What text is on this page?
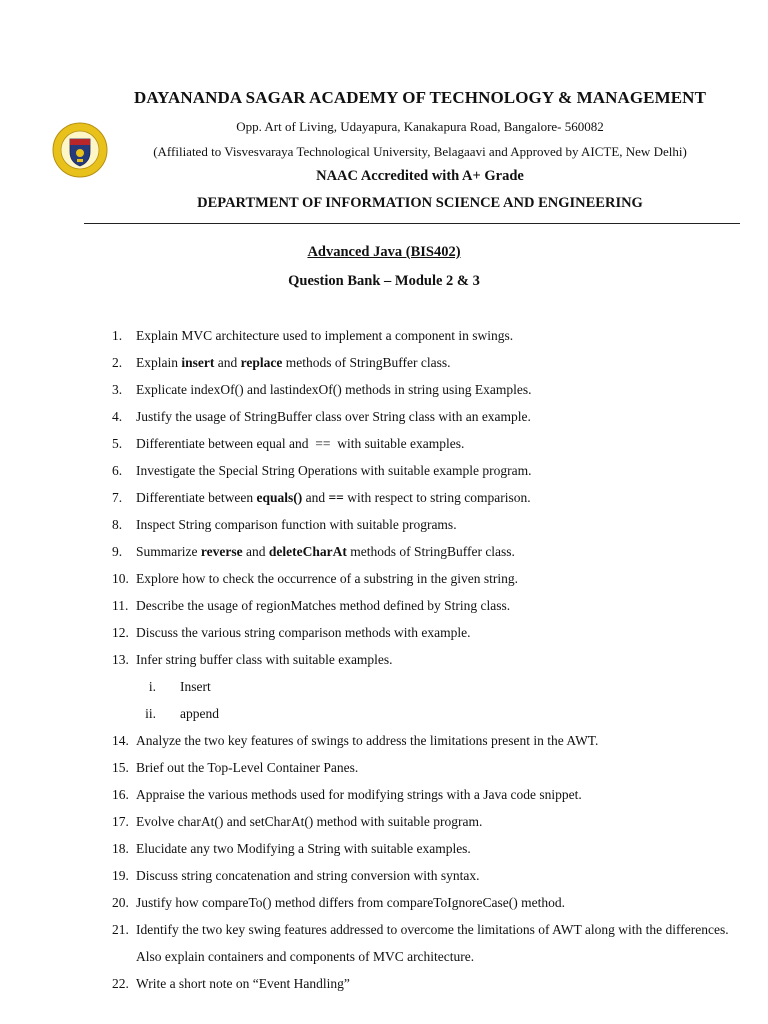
DAYANANDA SAGAR ACADEMY OF TECHNOLOGY & MANAGEMENT
Opp. Art of Living, Udayapura, Kanakapura Road, Bangalore- 560082
(Affiliated to Visvesvaraya Technological University, Belagaavi and Approved by AICTE, New Delhi)
NAAC Accredited with A+ Grade
DEPARTMENT OF INFORMATION SCIENCE AND ENGINEERING
Advanced Java (BIS402)
Question Bank – Module 2 & 3
1. Explain MVC architecture used to implement a component in swings.
2. Explain insert and replace methods of StringBuffer class.
3. Explicate indexOf() and lastindexOf() methods in string using Examples.
4. Justify the usage of StringBuffer class over String class with an example.
5. Differentiate between equal and  ==  with suitable examples.
6. Investigate the Special String Operations with suitable example program.
7. Differentiate between equals() and == with respect to string comparison.
8. Inspect String comparison function with suitable programs.
9. Summarize reverse and deleteCharAt methods of StringBuffer class.
10. Explore how to check the occurrence of a substring in the given string.
11. Describe the usage of regionMatches method defined by String class.
12. Discuss the various string comparison methods with example.
13. Infer string buffer class with suitable examples.
i. Insert
ii. append
14. Analyze the two key features of swings to address the limitations present in the AWT.
15. Brief out the Top-Level Container Panes.
16. Appraise the various methods used for modifying strings with a Java code snippet.
17. Evolve charAt() and setCharAt() method with suitable program.
18. Elucidate any two Modifying a String with suitable examples.
19. Discuss string concatenation and string conversion with syntax.
20. Justify how compareTo() method differs from compareToIgnoreCase() method.
21. Identify the two key swing features addressed to overcome the limitations of AWT along with the differences. Also explain containers and components of MVC architecture.
22. Write a short note on “Event Handling”
